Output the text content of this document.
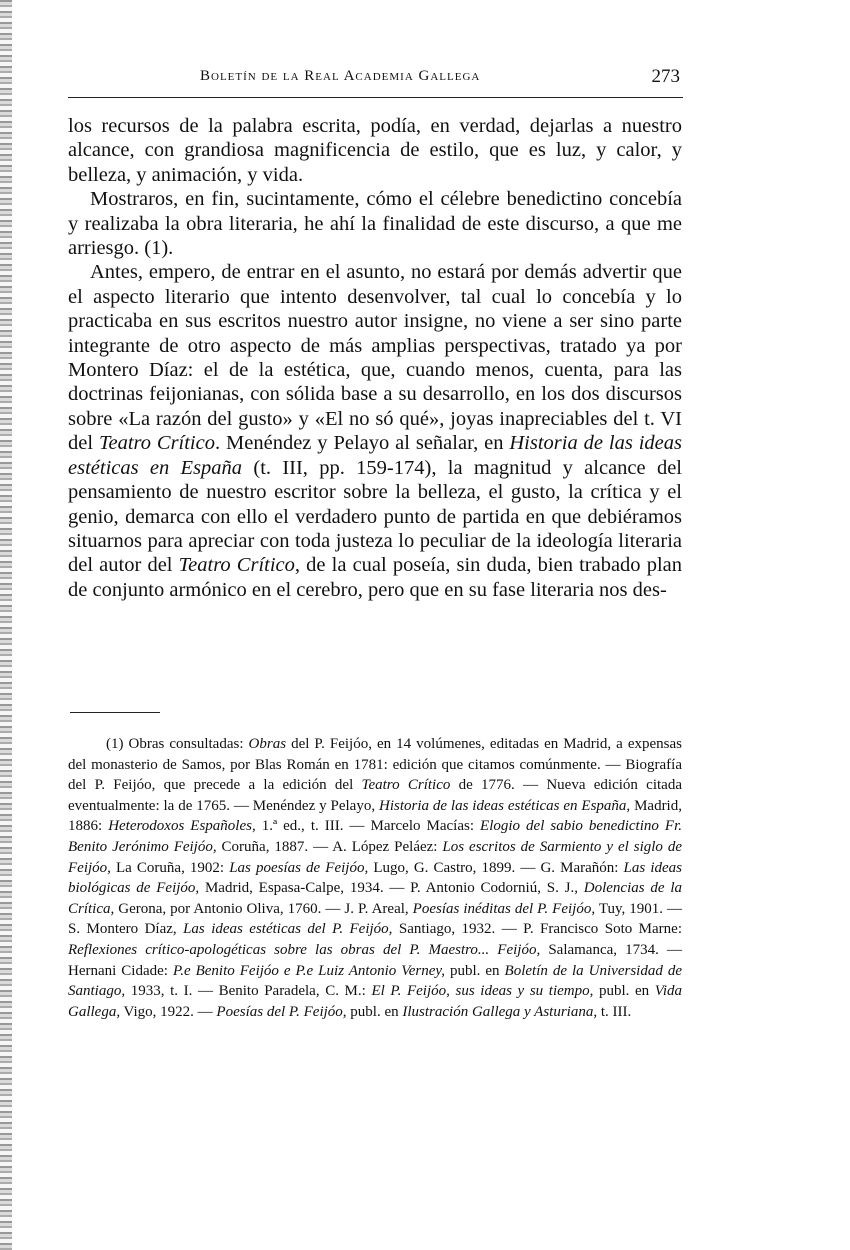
Boletín de la Real Academia Gallega	273

los recursos de la palabra escrita, podía, en verdad, dejarlas a nuestro alcance, con grandiosa magnificencia de estilo, que es luz, y calor, y belleza, y animación, y vida.

Mostraros, en fin, sucintamente, cómo el célebre benedictino concebía y realizaba la obra literaria, he ahí la finalidad de este discurso, a que me arriesgo. (1).

Antes, empero, de entrar en el asunto, no estará por demás advertir que el aspecto literario que intento desenvolver, tal cual lo concebía y lo practicaba en sus escritos nuestro autor insigne, no viene a ser sino parte integrante de otro aspecto de más amplias perspectivas, tratado ya por Montero Díaz: el de la estética, que, cuando menos, cuenta, para las doctrinas feijonianas, con sólida base a su desarrollo, en los dos discursos sobre «La razón del gusto» y «El no só qué», joyas inapreciables del t. VI del Teatro Crítico. Menéndez y Pelayo al señalar, en Historia de las ideas estéticas en España (t. III, pp. 159-174), la magnitud y alcance del pensamiento de nuestro escritor sobre la belleza, el gusto, la crítica y el genio, demarca con ello el verdadero punto de partida en que debiéramos situarnos para apreciar con toda justeza lo peculiar de la ideología literaria del autor del Teatro Crítico, de la cual poseía, sin duda, bien trabado plan de conjunto armónico en el cerebro, pero que en su fase literaria nos des-

(1) Obras consultadas: Obras del P. Feijóo, en 14 volúmenes, editadas en Madrid, a expensas del monasterio de Samos, por Blas Román en 1781: edición que citamos comúnmente. — Biografía del P. Feijóo, que precede a la edición del Teatro Crítico de 1776. — Nueva edición citada eventualmente: la de 1765. — Menéndez y Pelayo, Historia de las ideas estéticas en España, Madrid, 1886: Heterodoxos Españoles, 1.ª ed., t. III. — Marcelo Macías: Elogio del sabio benedictino Fr. Benito Jerónimo Feijóo, Coruña, 1887. — A. López Peláez: Los escritos de Sarmiento y el siglo de Feijóo, La Coruña, 1902: Las poesías de Feijóo, Lugo, G. Castro, 1899. — G. Marañón: Las ideas biológicas de Feijóo, Madrid, Espasa-Calpe, 1934. — P. Antonio Codorniú, S. J., Dolencias de la Crítica, Gerona, por Antonio Oliva, 1760. — J. P. Areal, Poesías inéditas del P. Feijóo, Tuy, 1901. — S. Montero Díaz, Las ideas estéticas del P. Feijóo, Santiago, 1932. — P. Francisco Soto Marne: Reflexiones crítico-apologéticas sobre las obras del P. Maestro... Feijóo, Salamanca, 1734. — Hernani Cidade: P.e Benito Feijóo e P.e Luiz Antonio Verney, publ. en Boletín de la Universidad de Santiago, 1933, t. I. — Benito Paradela, C. M.: El P. Feijóo, sus ideas y su tiempo, publ. en Vida Gallega, Vigo, 1922. — Poesías del P. Feijóo, publ. en Ilustración Gallega y Asturiana, t. III.
